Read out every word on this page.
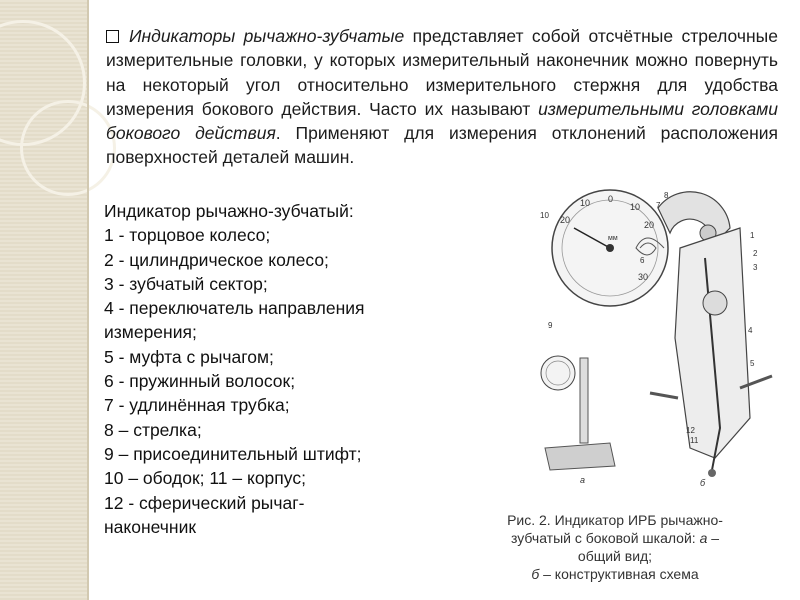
Индикаторы рычажно-зубчатые представляет собой отсчётные стрелочные измерительные головки, у которых измерительный наконечник можно повернуть на некоторый угол относительно измерительного стержня для удобства измерения бокового действия. Часто их называют измерительными головками бокового действия. Применяют для измерения отклонений расположения поверхностей деталей машин.
Индикатор рычажно-зубчатый:
1 - торцовое колесо;
2 - цилиндрическое колесо;
3 - зубчатый сектор;
4 - переключатель направления
измерения;
5 - муфта с рычагом;
6 - пружинный волосок;
7 - удлинённая трубка;
8 – стрелка;
9 – присоединительный штифт;
10 – ободок; 11 – корпус;
12 - сферический рычаг-
наконечник
20
10 0
10
20
30
мм	1
2
3
4
5
6
7
8
9
10
11
12
а	б
Рис. 2. Индикатор ИРБ рычажно-
зубчатый с боковой шкалой: а –
общий вид;
б – конструктивная схема
